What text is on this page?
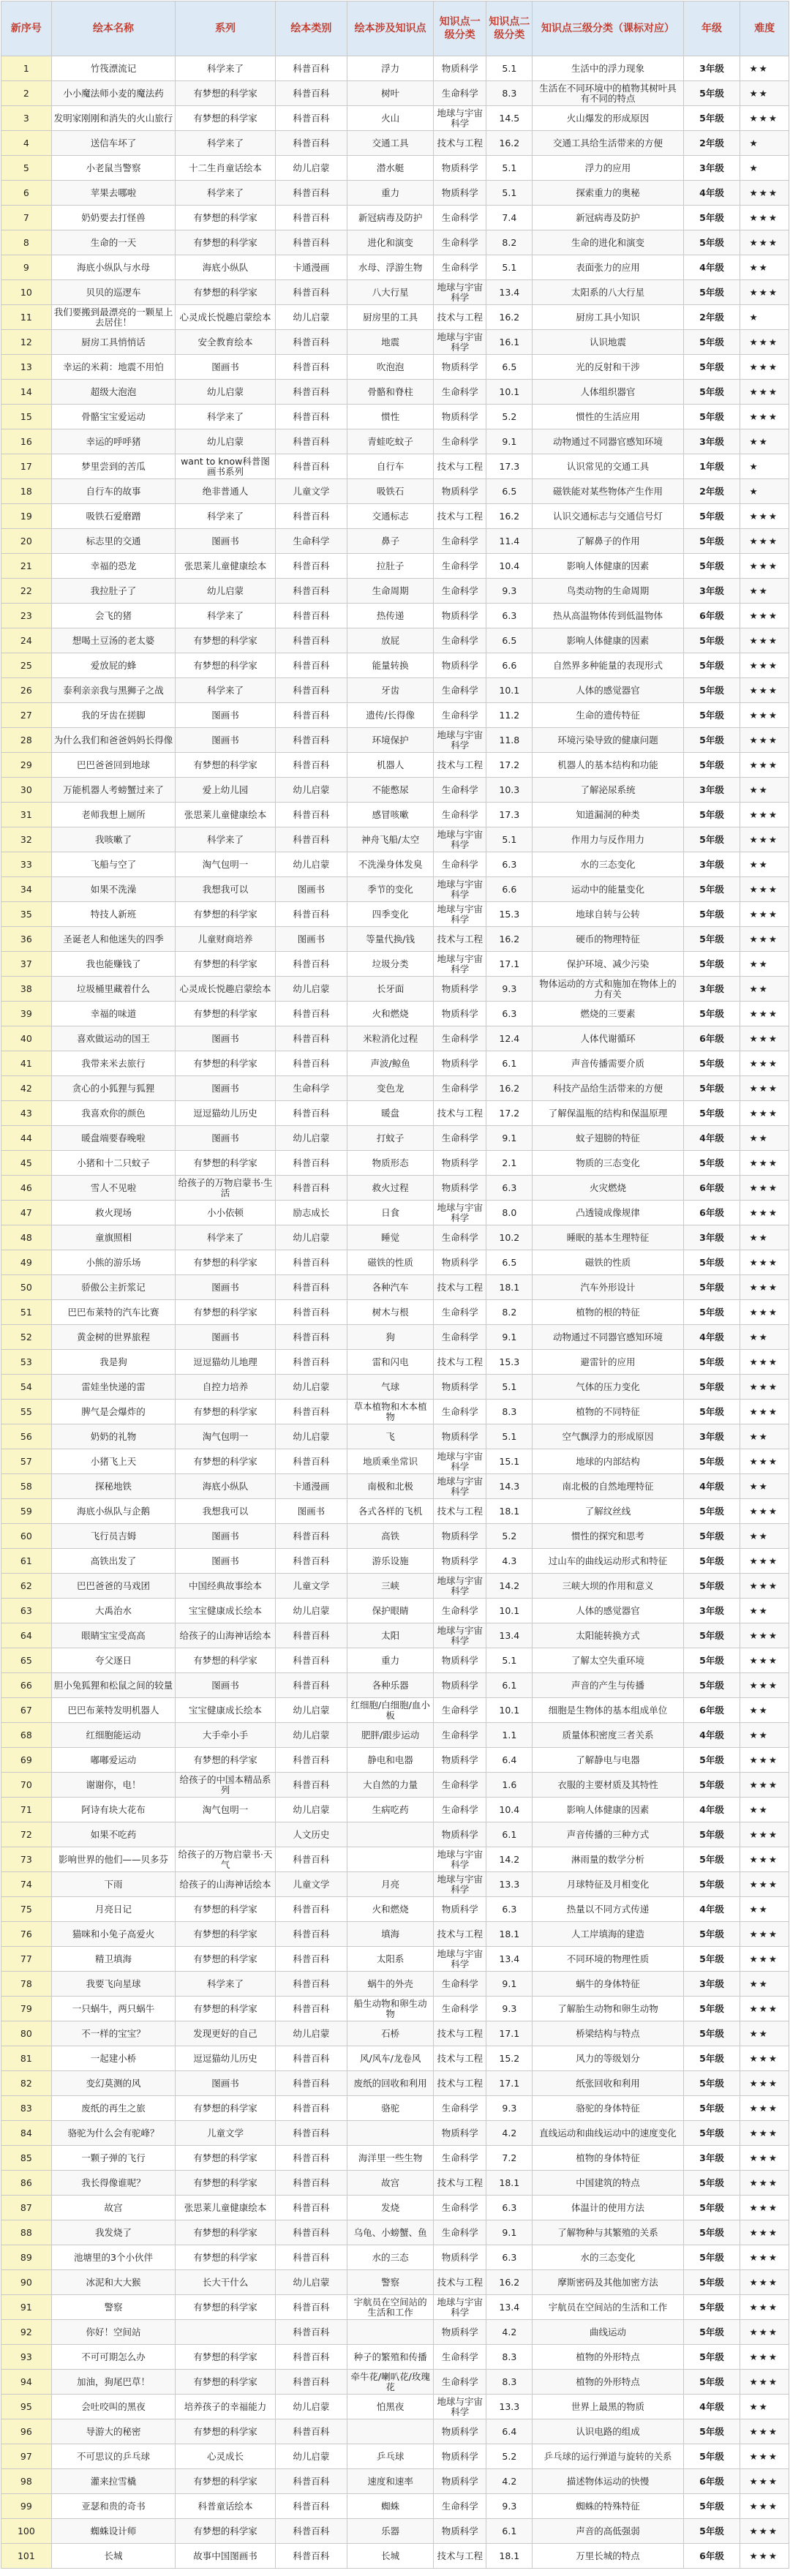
新序号	绘本名称	系列	绘本类别	绘本涉及知识点	知识点一级分类	知识点二级分类	知识点三级分类（课标对应）	年级	难度
1	竹筏漂流记	科学来了	科普百科	浮力	物质科学	5.1	生活中的浮力现象	3年级	★★
2	小小魔法师小麦的魔法药	有梦想的科学家	科普百科	树叶	生命科学	8.3	生活在不同环境中的植物其树叶具有不同的特点	5年级	★★
3	发明家刚刚和消失的火山旅行	有梦想的科学家	科普百科	火山	地球与宇宙科学	14.5	火山爆发的形成原因	5年级	★★★
4	送信车坏了	科学来了	科普百科	交通工具	技术与工程	16.2	交通工具给生活带来的方便	2年级	★
5	小老鼠当警察	十二生肖童话绘本	幼儿启蒙	潜水艇	物质科学	5.1	浮力的应用	3年级	★
6	苹果去哪啦	科学来了	科普百科	重力	物质科学	5.1	探索重力的奥秘	4年级	★★★
7	奶奶要去打怪兽	有梦想的科学家	科普百科	新冠病毒及防护	生命科学	7.4	新冠病毒及防护	5年级	★★★
8	生命的一天	有梦想的科学家	科普百科	进化和演变	生命科学	8.2	生命的进化和演变	5年级	★★★
9	海底小纵队与水母	海底小纵队	卡通漫画	水母、浮游生物	生命科学	5.1	表面张力的应用	4年级	★★
10	贝贝的巡逻车	有梦想的科学家	科普百科	八大行星	地球与宇宙科学	13.4	太阳系的八大行星	5年级	★★★
11	我们要搬到最漂亮的一颗星上去居住！	心灵成长悦趣启蒙绘本	幼儿启蒙	厨房里的工具	技术与工程	16.2	厨房工具小知识	2年级	★
12	厨房工具悄悄话	安全教育绘本	科普百科	地震	地球与宇宙科学	16.1	认识地震	5年级	★★★
13	幸运的米莉：地震不用怕	图画书	科普百科	吹泡泡	物质科学	6.5	光的反射和干涉	5年级	★★★
14	超级大泡泡	幼儿启蒙	科普百科	骨骼和脊柱	生命科学	10.1	人体组织器官	5年级	★★★
15	骨骼宝宝爱运动	科学来了	科普百科	惯性	物质科学	5.2	惯性的生活应用	5年级	★★★
16	幸运的呼呼猪	幼儿启蒙	科普百科	青蛙吃蚊子	生命科学	9.1	动物通过不同器官感知环境	3年级	★★
17	梦里尝到的苦瓜	want to know科普图画书系列	科普百科	自行车	技术与工程	17.3	认识常见的交通工具	1年级	★
18	自行车的故事	绝非普通人	儿童文学	吸铁石	物质科学	6.5	磁铁能对某些物体产生作用	2年级	★
19	吸铁石爱磨蹭	科学来了	科普百科	交通标志	技术与工程	16.2	认识交通标志与交通信号灯	5年级	★★★
20	标志里的交通	图画书	生命科学	鼻子	生命科学	11.4	了解鼻子的作用	5年级	★★★
21	幸福的恐龙	张思莱儿童健康绘本	科普百科	拉肚子	生命科学	10.4	影响人体健康的因素	5年级	★★★
22	我拉肚子了	幼儿启蒙	科普百科	生命周期	生命科学	9.3	鸟类动物的生命周期	3年级	★★
23	会飞的猪	科学来了	科普百科	热传递	物质科学	6.3	热从高温物体传到低温物体	6年级	★★★
24	想喝土豆汤的老太婆	有梦想的科学家	科普百科	放屁	生命科学	6.5	影响人体健康的因素	5年级	★★★
25	爱放屁的蜂	有梦想的科学家	科普百科	能量转换	物质科学	6.6	自然界多种能量的表现形式	5年级	★★★
26	泰利亲亲我与黑狮子之战	科学来了	科普百科	牙齿	生命科学	10.1	人体的感觉器官	5年级	★★★
27	我的牙齿在搓脚	图画书	科普百科	遗传/长得像	生命科学	11.2	生命的遗传特征	5年级	★★★
28	为什么我们和爸爸妈妈长得像	图画书	科普百科	环境保护	地球与宇宙科学	11.8	环境污染导致的健康问题	5年级	★★★
29	巴巴爸爸回到地球	有梦想的科学家	科普百科	机器人	技术与工程	17.2	机器人的基本结构和功能	5年级	★★★
30	万能机器人考螃蟹过来了	爱上幼儿园	幼儿启蒙	不能憋尿	生命科学	10.3	了解泌尿系统	3年级	★★
31	老师我想上厕所	张思莱儿童健康绘本	科普百科	感冒咳嗽	生命科学	17.3	知道漏洞的种类	5年级	★★★
32	我咳嗽了	科学来了	科普百科	神舟飞船/太空	地球与宇宙科学	5.1	作用力与反作用力	5年级	★★★
33	飞船与空了	淘气包明一	幼儿启蒙	不洗澡身体发臭	生命科学	6.3	水的三态变化	3年级	★★
34	如果不洗澡	我想我可以	图画书	季节的变化	地球与宇宙科学	6.6	运动中的能量变化	5年级	★★★
35	特技人新班	有梦想的科学家	科普百科	四季变化	地球与宇宙科学	15.3	地球自转与公转	5年级	★★★
36	圣诞老人和他迷失的四季	儿童财商培养	图画书	等量代换/钱	技术与工程	16.2	硬币的物理特征	5年级	★★★
37	我也能赚钱了	有梦想的科学家	科普百科	垃圾分类	地球与宇宙科学	17.1	保护环境、减少污染	5年级	★★
38	垃圾桶里藏着什么	心灵成长悦趣启蒙绘本	幼儿启蒙	长牙面	物质科学	9.3	物体运动的方式和施加在物体上的力有关	3年级	★★
39	幸福的味道	有梦想的科学家	科普百科	火和燃烧	物质科学	6.3	燃烧的三要素	5年级	★★★
40	喜欢做运动的国王	图画书	科普百科	米粒消化过程	生命科学	12.4	人体代谢循环	6年级	★★★
41	我带来米去旅行	有梦想的科学家	科普百科	声波/鲸鱼	物质科学	6.1	声音传播需要介质	5年级	★★★
42	贪心的小狐狸与狐狸	图画书	生命科学	变色龙	生命科学	16.2	科技产品给生活带来的方便	5年级	★★★
43	我喜欢你的颜色	逗逗猫幼儿历史	科普百科	暖盘	技术与工程	17.2	了解保温瓶的结构和保温原理	5年级	★★★
44	暖盘端要春晚啦	图画书	幼儿启蒙	打蚊子	生命科学	9.1	蚊子翅膀的特征	4年级	★★
45	小猪和十二只蚊子	有梦想的科学家	科普百科	物质形态	物质科学	2.1	物质的三态变化	5年级	★★★
46	雪人不见啦	给孩子的万物启蒙书·生活	科普百科	救火过程	物质科学	6.3	火灾燃烧	6年级	★★★
47	救火现场	小小依顿	励志成长	日食	地球与宇宙科学	8.0	凸透镜成像规律	6年级	★★★
48	童旗照相	科学来了	幼儿启蒙	睡觉	生命科学	10.2	睡眠的基本生理特征	3年级	★★
49	小熊的游乐场	有梦想的科学家	科普百科	磁铁的性质	物质科学	6.5	磁铁的性质	5年级	★★★
50	骄傲公主折浆记	图画书	科普百科	各种汽车	技术与工程	18.1	汽车外形设计	5年级	★★★
51	巴巴布莱特的汽车比赛	有梦想的科学家	科普百科	树木与根	生命科学	8.2	植物的根的特征	5年级	★★★
52	黄金树的世界旅程	图画书	科普百科	狗	生命科学	9.1	动物通过不同器官感知环境	4年级	★★
53	我是狗	逗逗猫幼儿地理	科普百科	雷和闪电	技术与工程	15.3	避雷针的应用	5年级	★★★
54	雷娃坐快递的雷	自控力培养	幼儿启蒙	气球	物质科学	5.1	气体的压力变化	5年级	★★★
55	脾气是会爆炸的	有梦想的科学家	科普百科	草本植物和木本植物	生命科学	8.3	植物的不同特征	5年级	★★★
56	奶奶的礼物	淘气包明一	幼儿启蒙	飞	物质科学	5.1	空气飘浮力的形成原因	3年级	★★
57	小猪飞上天	有梦想的科学家	科普百科	地质乘坐常识	地球与宇宙科学	15.1	地球的内部结构	5年级	★★★
58	探秘地铁	海底小纵队	卡通漫画	南极和北极	地球与宇宙科学	14.3	南北极的自然地理特征	4年级	★★
59	海底小纵队与企鹅	我想我可以	图画书	各式各样的飞机	技术与工程	18.1	了解纹丝线	5年级	★★★
60	飞行员吉姆	图画书	科普百科	高铁	物质科学	5.2	惯性的探究和思考	5年级	★★
61	高铁出发了	图画书	科普百科	游乐设施	物质科学	4.3	过山车的曲线运动形式和特征	5年级	★★★
62	巴巴爸爸的马戏团	中国经典故事绘本	儿童文学	三峡	地球与宇宙科学	14.2	三峡大坝的作用和意义	5年级	★★★
63	大禹治水	宝宝健康成长绘本	幼儿启蒙	保护眼睛	生命科学	10.1	人体的感觉器官	3年级	★★
64	眼睛宝宝受高高	给孩子的山海神话绘本	科普百科	太阳	地球与宇宙科学	13.4	太阳能转换方式	5年级	★★★
65	夸父逐日	有梦想的科学家	科普百科	重力	物质科学	5.1	了解太空失重环境	5年级	★★★
66	胆小兔狐狸和松鼠之间的较量	图画书	科普百科	各种乐器	物质科学	6.1	声音的产生与传播	5年级	★★★
67	巴巴布莱特发明机器人	宝宝健康成长绘本	幼儿启蒙	红细胞/白细胞/血小板	生命科学	10.1	细胞是生物体的基本组成单位	6年级	★★
68	红细胞能运动	大手牵小手	幼儿启蒙	肥胖/跟步运动	生命科学	1.1	质量体积密度三者关系	4年级	★★
69	嘟嘟爱运动	有梦想的科学家	科普百科	静电和电器	物质科学	6.4	了解静电与电器	5年级	★★★
70	谢谢你，电！	给孩子的中国本精品系列	科普百科	大自然的力量	生命科学	1.6	衣服的主要材质及其特性	5年级	★★★
71	阿诗有块大花布	淘气包明一	幼儿启蒙	生病吃药	生命科学	10.4	影响人体健康的因素	4年级	★★
72	如果不吃药		人文历史		物质科学	6.1	声音传播的三种方式	5年级	★★★
73	影响世界的他们——贝多芬	给孩子的万物启蒙书·天气	科普百科		地球与宇宙科学	14.2	淋雨量的数学分析	5年级	★★★
74	下雨	给孩子的山海神话绘本	儿童文学	月亮	地球与宇宙科学	13.3	月球特征及月相变化	5年级	★★★
75	月亮日记	有梦想的科学家	科普百科	火和燃烧	物质科学	6.3	热量以不同方式传递	4年级	★★
76	猫咪和小兔子高爱火	有梦想的科学家	科普百科	填海	技术与工程	18.1	人工岸填海的建造	5年级	★★★
77	精卫填海	有梦想的科学家	科普百科	太阳系	地球与宇宙科学	13.4	不同环境的物理性质	5年级	★★★
78	我要飞向星球	科学来了	科普百科	蜗牛的外壳	生命科学	9.1	蜗牛的身体特征	3年级	★★
79	一只蜗牛，两只蜗牛	有梦想的科学家	科普百科	船生动物和卵生动物	生命科学	9.3	了解胎生动物和卵生动物	5年级	★★★
80	不一样的宝宝？	发现更好的自己	幼儿启蒙	石桥	技术与工程	17.1	桥梁结构与特点	5年级	★★
81	一起建小桥	逗逗猫幼儿历史	科普百科	风/风车/龙卷风	技术与工程	15.2	风力的等级划分	5年级	★★★
82	变幻莫测的风	图画书	科普百科	废纸的回收和利用	技术与工程	17.1	纸张回收和利用	5年级	★★★
83	废纸的再生之旅	有梦想的科学家	科普百科	骆驼	生命科学	9.3	骆驼的身体特征	5年级	★★★
84	骆驼为什么会有驼峰？	儿童文学	科普百科		物质科学	4.2	直线运动和曲线运动中的速度变化	5年级	★★★
85	一颗子弹的飞行	有梦想的科学家	科普百科	海洋里一些生物	生命科学	7.2	植物的身体特征	3年级	★★★
86	我长得像谁呢？	有梦想的科学家	科普百科	故宫	技术与工程	18.1	中国建筑的特点	5年级	★★★
87	故宫	张思莱儿童健康绘本	科普百科	发烧	生命科学	6.3	体温计的使用方法	5年级	★★★
88	我发烧了	有梦想的科学家	科普百科	乌龟、小螃蟹、鱼	生命科学	9.1	了解物种与其繁殖的关系	5年级	★★★
89	池塘里的3个小伙伴	有梦想的科学家	科普百科	水的三态	物质科学	6.3	水的三态变化	5年级	★★★
90	冰泥和大大猴	长大干什么	幼儿启蒙	警察	技术与工程	16.2	摩斯密码及其他加密方法	5年级	★★★
91	警察	有梦想的科学家	科普百科	宇航员在空间站的生活和工作	地球与宇宙科学	13.4	宇航员在空间站的生活和工作	5年级	★★★
92	你好！空间站		科普百科		物质科学	4.2	曲线运动	5年级	★★★
93	不可可期怎么办	有梦想的科学家	科普百科	种子的繁殖和传播	生命科学	8.3	植物的外形特点	5年级	★★★
94	加油，狗尾巴草！	有梦想的科学家	科普百科	牵牛花/喇叭花/玫瑰花	生命科学	8.3	植物的外形特点	5年级	★★★
95	会吐咬叫的黑夜	培养孩子的幸福能力	幼儿启蒙	怕黑夜	地球与宇宙科学	13.3	世界上最黑的物质	4年级	★★
96	导游大的秘密	有梦想的科学家	科普百科		物质科学	6.4	认识电路的组成	5年级	★★★
97	不可思议的乒乓球	心灵成长	幼儿启蒙	乒乓球	物质科学	5.2	乒乓球的运行弹道与旋转的关系	5年级	★★★
98	灌来拉雪橇	有梦想的科学家	科普百科	速度和速率	物质科学	4.2	描述物体运动的快慢	6年级	★★★
99	亚瑟和贵的奇书	科普童话绘本	科普百科	蜘蛛	生命科学	9.3	蜘蛛的特殊特征	5年级	★★★
100	蜘蛛设计师	有梦想的科学家	科普百科	乐器	物质科学	6.1	声音的高低强弱	5年级	★★★
101	长城	故事中国图画书	科普百科	长城	技术与工程	18.1	万里长城的特点	6年级	★★★
